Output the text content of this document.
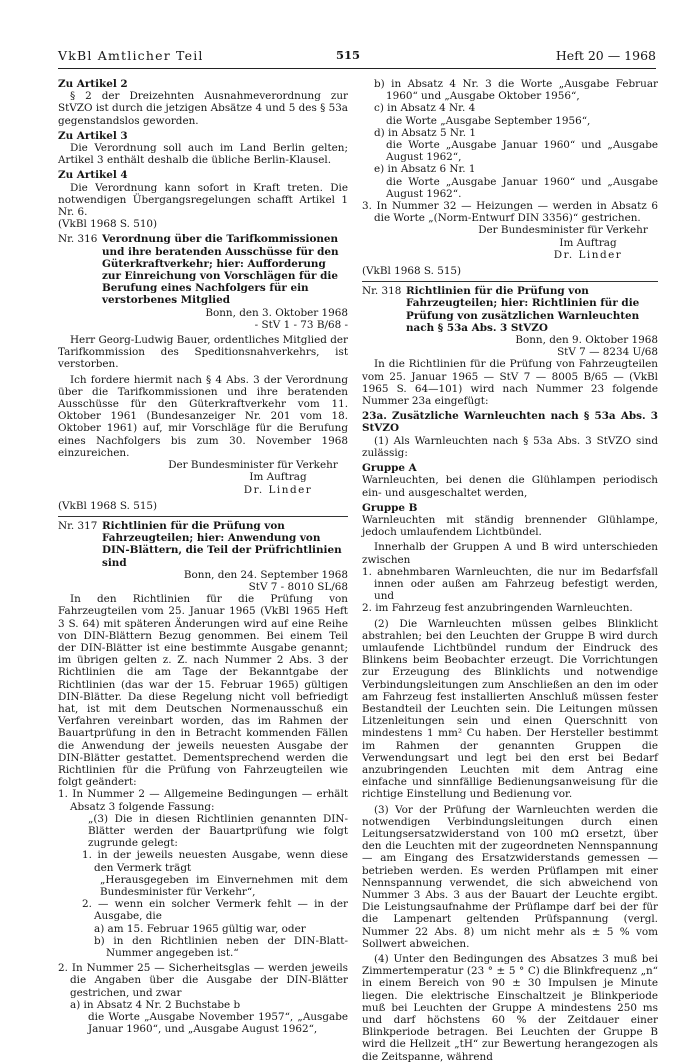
VkBl Amtlicher Teil	515	Heft 20 — 1968

Zu Artikel 2

§ 2 der Dreizehnten Ausnahmeverordnung zur StVZO ist durch die jetzigen Absätze 4 und 5 des § 53a gegenstandslos geworden.

Zu Artikel 3

Die Verordnung soll auch im Land Berlin gelten; Artikel 3 enthält deshalb die übliche Berlin-Klausel.

Zu Artikel 4

Die Verordnung kann sofort in Kraft treten. Die notwendigen Übergangsregelungen schafft Artikel 1 Nr. 6.

(VkBl 1968 S. 510)

Nr. 316 Verordnung über die Tarifkommissionen und ihre beratenden Ausschüsse für den Güterkraftverkehr; hier: Aufforderung zur Einreichung von Vorschlägen für die Berufung eines Nachfolgers für ein verstorbenes Mitglied

Bonn, den 3. Oktober 1968

- StV 1 - 73 B/68 -

Herr Georg-Ludwig Bauer, ordentliches Mitglied der Tarifkommission des Speditionsnahverkehrs, ist verstorben.

Ich fordere hiermit nach § 4 Abs. 3 der Verordnung über die Tarifkommissionen und ihre beratenden Ausschüsse für den Güterkraftverkehr vom 11. Oktober 1961 (Bundesanzeiger Nr. 201 vom 18. Oktober 1961) auf, mir Vorschläge für die Berufung eines Nachfolgers bis zum 30. November 1968 einzureichen.

Der Bundesminister für Verkehr
Im Auftrag
Dr. Linder

(VkBl 1968 S. 515)

Nr. 317 Richtlinien für die Prüfung von Fahrzeugteilen; hier: Anwendung von DIN-Blättern, die Teil der Prüfrichtlinien sind

Bonn, den 24. September 1968

StV 7 - 8010 SL/68

In den Richtlinien für die Prüfung von Fahrzeugteilen vom 25. Januar 1965 (VkBl 1965 Heft 3 S. 64) mit späteren Änderungen wird auf eine Reihe von DIN-Blättern Bezug genommen. Bei einem Teil der DIN-Blätter ist eine bestimmte Ausgabe genannt; im übrigen gelten z. Z. nach Nummer 2 Abs. 3 der Richtlinien die am Tage der Bekanntgabe der Richtlinien (das war der 15. Februar 1965) gültigen DIN-Blätter. Da diese Regelung nicht voll befriedigt hat, ist mit dem Deutschen Normenausschuß ein Verfahren vereinbart worden, das im Rahmen der Bauartprüfung in den in Betracht kommenden Fällen die Anwendung der jeweils neuesten Ausgabe der DIN-Blätter gestattet. Dementsprechend werden die Richtlinien für die Prüfung von Fahrzeugteilen wie folgt geändert:

1. In Nummer 2 — Allgemeine Bedingungen — erhält Absatz 3 folgende Fassung:

„(3) Die in diesen Richtlinien genannten DIN-Blätter werden der Bauartprüfung wie folgt zugrunde gelegt:

1. in der jeweils neuesten Ausgabe, wenn diese den Vermerk trägt

„Herausgegeben im Einvernehmen mit dem Bundesminister für Verkehr“,

2. — wenn ein solcher Vermerk fehlt — in der Ausgabe, die

a) am 15. Februar 1965 gültig war, oder

b) in den Richtlinien neben der DIN-Blatt-Nummer angegeben ist.“

2. In Nummer 25 — Sicherheitsglas — werden jeweils die Angaben über die Ausgabe der DIN-Blätter gestrichen, und zwar

a) in Absatz 4 Nr. 2 Buchstabe b

die Worte „Ausgabe November 1957“, „Ausgabe Januar 1960“, und „Ausgabe August 1962“,

b) in Absatz 4 Nr. 3 die Worte „Ausgabe Februar 1960“ und „Ausgabe Oktober 1956“,

c) in Absatz 4 Nr. 4

die Worte „Ausgabe September 1956“,

d) in Absatz 5 Nr. 1

die Worte „Ausgabe Januar 1960“ und „Ausgabe August 1962“,

e) in Absatz 6 Nr. 1

die Worte „Ausgabe Januar 1960“ und „Ausgabe August 1962“.

3. In Nummer 32 — Heizungen — werden in Absatz 6 die Worte „(Norm-Entwurf DIN 3356)“ gestrichen.

Der Bundesminister für Verkehr
Im Auftrag
Dr. Linder

(VkBl 1968 S. 515)

Nr. 318 Richtlinien für die Prüfung von Fahrzeugteilen; hier: Richtlinien für die Prüfung von zusätzlichen Warnleuchten nach § 53a Abs. 3 StVZO

Bonn, den 9. Oktober 1968

StV 7 — 8234 U/68

In die Richtlinien für die Prüfung von Fahrzeugteilen vom 25. Januar 1965 — StV 7 — 8005 B/65 — (VkBl 1965 S. 64—101) wird nach Nummer 23 folgende Nummer 23a eingefügt:

23a. Zusätzliche Warnleuchten nach § 53a Abs. 3 StVZO

(1) Als Warnleuchten nach § 53a Abs. 3 StVZO sind zulässig:

Gruppe A

Warnleuchten, bei denen die Glühlampen periodisch ein- und ausgeschaltet werden,

Gruppe B

Warnleuchten mit ständig brennender Glühlampe, jedoch umlaufendem Lichtbündel.

Innerhalb der Gruppen A und B wird unterschieden zwischen

1. abnehmbaren Warnleuchten, die nur im Bedarfsfall innen oder außen am Fahrzeug befestigt werden, und

2. im Fahrzeug fest anzubringenden Warnleuchten.

(2) Die Warnleuchten müssen gelbes Blinklicht abstrahlen; bei den Leuchten der Gruppe B wird durch umlaufende Lichtbündel rundum der Eindruck des Blinkens beim Beobachter erzeugt. Die Vorrichtungen zur Erzeugung des Blinklichts und notwendige Verbindungsleitungen zum Anschließen an den im oder am Fahrzeug fest installierten Anschluß müssen fester Bestandteil der Leuchten sein. Die Leitungen müssen Litzenleitungen sein und einen Querschnitt von mindestens 1 mm² Cu haben. Der Hersteller bestimmt im Rahmen der genannten Gruppen die Verwendungsart und legt bei den erst bei Bedarf anzubringenden Leuchten mit dem Antrag eine einfache und sinnfällige Bedienungsanweisung für die richtige Einstellung und Bedienung vor.

(3) Vor der Prüfung der Warnleuchten werden die notwendigen Verbindungsleitungen durch einen Leitungsersatzwiderstand von 100 mΩ ersetzt, über den die Leuchten mit der zugeordneten Nennspannung — am Eingang des Ersatzwiderstands gemessen — betrieben werden. Es werden Prüflampen mit einer Nennspannung verwendet, die sich abweichend von Nummer 3 Abs. 3 aus der Bauart der Leuchte ergibt. Die Leistungsaufnahme der Prüflampe darf bei der für die Lampenart geltenden Prüfspannung (vergl. Nummer 22 Abs. 8) um nicht mehr als ± 5 % vom Sollwert abweichen.

(4) Unter den Bedingungen des Absatzes 3 muß bei Zimmertemperatur (23 ° ± 5 ° C) die Blinkfrequenz „n“ in einem Bereich von 90 ± 30 Impulsen je Minute liegen. Die elektrische Einschaltzeit je Blinkperiode muß bei Leuchten der Gruppe A mindestens 250 ms und darf höchstens 60 % der Zeitdauer einer Blinkperiode betragen. Bei Leuchten der Gruppe B wird die Hellzeit „tH“ zur Bewertung herangezogen als die Zeitspanne, während
